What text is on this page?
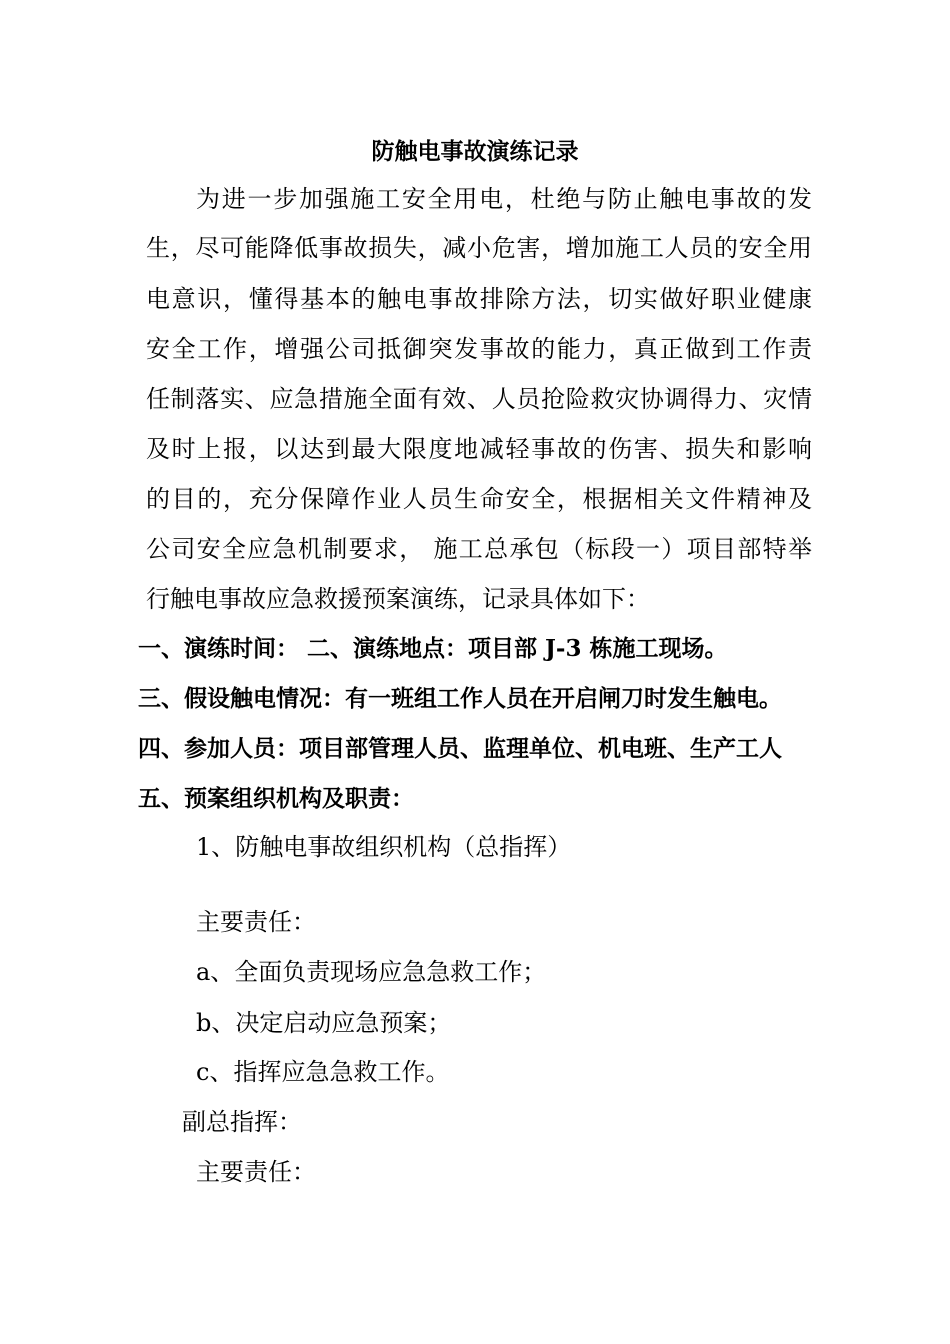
防触电事故演练记录
为进一步加强施工安全用电，杜绝与防止触电事故的发
生，尽可能降低事故损失，减小危害，增加施工人员的安全用
电意识，懂得基本的触电事故排除方法，切实做好职业健康
安全工作，增强公司抵御突发事故的能力，真正做到工作责
任制落实、应急措施全面有效、人员抢险救灾协调得力、灾情
及时上报，以达到最大限度地减轻事故的伤害、损失和影响
的目的，充分保障作业人员生命安全，根据相关文件精神及
公司安全应急机制要求， 施工总承包（标段一）项目部特举
行触电事故应急救援预案演练，记录具体如下：
一、演练时间： 二、演练地点：项目部 J-3 栋施工现场。
三、假设触电情况：有一班组工作人员在开启闸刀时发生触电。
四、参加人员：项目部管理人员、监理单位、机电班、生产工人
五、预案组织机构及职责：
1、防触电事故组织机构（总指挥）
主要责任：
a、全面负责现场应急急救工作；
b、决定启动应急预案；
c、指挥应急急救工作。
副总指挥：
主要责任：
